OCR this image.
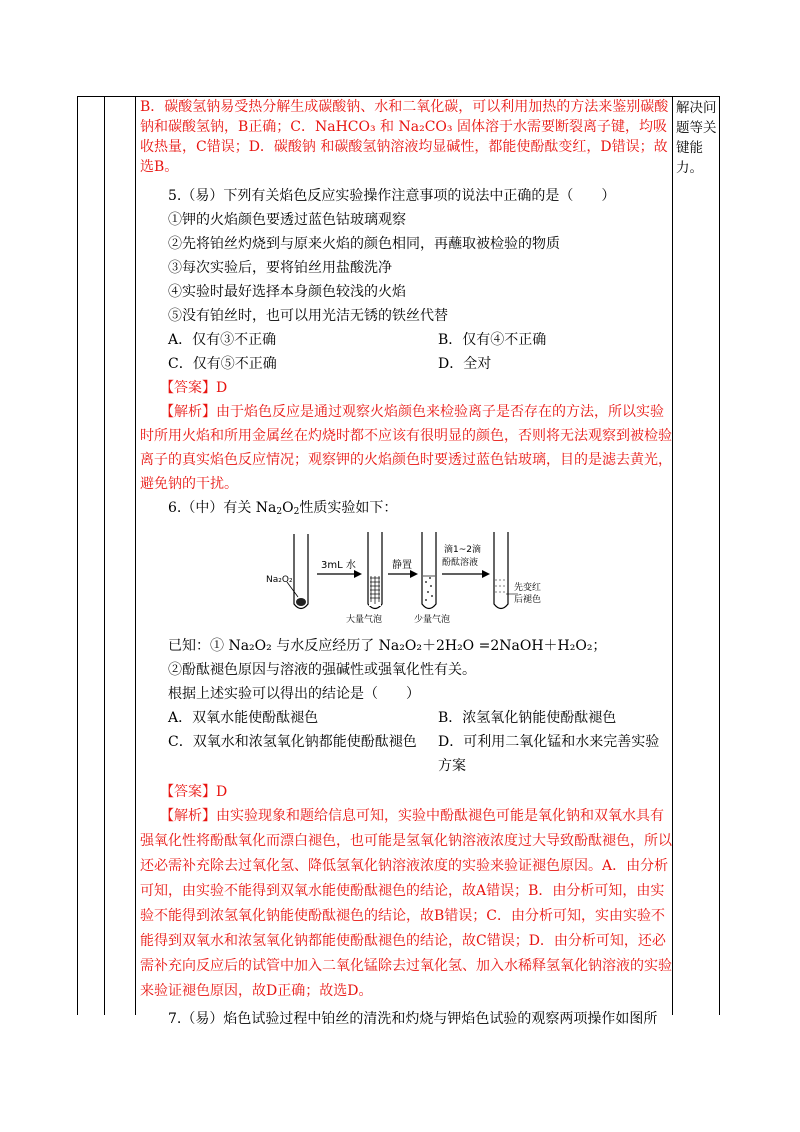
解决问题等关键能力。

B．碳酸氢钠易受热分解生成碳酸钠、水和二氧化碳，可以利用加热的方法来鉴别碳酸钠和碳酸氢钠，B正确；C．NaHCO₃ 和 Na₂CO₃ 固体溶于水需要断裂离子键，均吸收热量，C错误；D．碳酸钠 和碳酸氢钠溶液均显碱性，都能使酚酞变红，D错误；故选B。

5.（易）下列有关焰色反应实验操作注意事项的说法中正确的是（　　）

①钾的火焰颜色要透过蓝色钴玻璃观察

②先将铂丝灼烧到与原来火焰的颜色相同，再蘸取被检验的物质

③每次实验后，要将铂丝用盐酸洗净

④实验时最好选择本身颜色较浅的火焰

⑤没有铂丝时，也可以用光洁无锈的铁丝代替

A．仅有③不正确	B．仅有④不正确
C．仅有⑤不正确	D．全对

【答案】D

【解析】由于焰色反应是通过观察火焰颜色来检验离子是否存在的方法，所以实验时所用火焰和所用金属丝在灼烧时都不应该有很明显的颜色，否则将无法观察到被检验离子的真实焰色反应情况；观察钾的火焰颜色时要透过蓝色钴玻璃，目的是滤去黄光，避免钠的干扰。

6.（中）有关 $Na_2O_2$性质实验如下：

Na₂O₂
3mL 水
大量气泡
静置
少量气泡
滴1~2滴
酚酞溶液
先变红
后褪色

已知：① Na₂O₂ 与水反应经历了 Na₂O₂＋2H₂O =2NaOH＋H₂O₂；

②酚酞褪色原因与溶液的强碱性或强氧化性有关。

根据上述实验可以得出的结论是（　　）

A．双氧水能使酚酞褪色	B．浓氢氧化钠能使酚酞褪色
C．双氧水和浓氢氧化钠都能使酚酞褪色	D．可利用二氧化锰和水来完善实验方案

【答案】D

【解析】由实验现象和题给信息可知，实验中酚酞褪色可能是氧化钠和双氧水具有强氧化性将酚酞氧化而漂白褪色，也可能是氢氧化钠溶液浓度过大导致酚酞褪色，所以还必需补充除去过氧化氢、降低氢氧化钠溶液浓度的实验来验证褪色原因。A．由分析可知，由实验不能得到双氧水能使酚酞褪色的结论，故A错误；B．由分析可知，由实验不能得到浓氢氧化钠能使酚酞褪色的结论，故B错误；C．由分析可知，实由实验不能得到双氧水和浓氢氧化钠都能使酚酞褪色的结论，故C错误；D．由分析可知，还必需补充向反应后的试管中加入二氧化锰除去过氧化氢、加入水稀释氢氧化钠溶液的实验来验证褪色原因，故D正确；故选D。

7.（易）焰色试验过程中铂丝的清洗和灼烧与钾焰色试验的观察两项操作如图所
